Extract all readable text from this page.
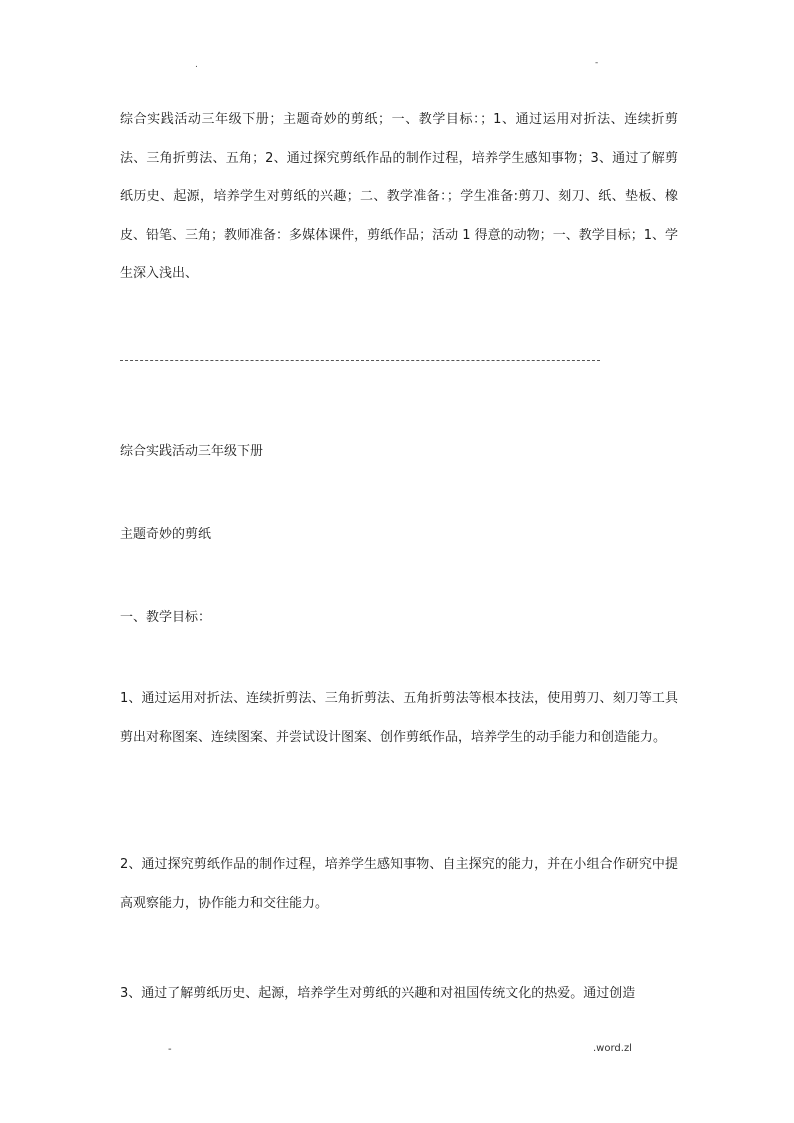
.	-

综合实践活动三年级下册；主题奇妙的剪纸；一、教学目标：；1、通过运用对折法、连续折剪法、三角折剪法、五角；2、通过探究剪纸作品的制作过程，培养学生感知事物；3、通过了解剪纸历史、起源，培养学生对剪纸的兴趣；二、教学准备：；学生准备:剪刀、刻刀、纸、垫板、橡皮、铅笔、三角；教师准备：多媒体课件，剪纸作品；活动 1 得意的动物；一、教学目标；1、学生深入浅出、

综合实践活动三年级下册

主题奇妙的剪纸

一、教学目标：

1、通过运用对折法、连续折剪法、三角折剪法、五角折剪法等根本技法，使用剪刀、刻刀等工具剪出对称图案、连续图案、并尝试设计图案、创作剪纸作品，培养学生的动手能力和创造能力。

2、通过探究剪纸作品的制作过程，培养学生感知事物、自主探究的能力，并在小组合作研究中提高观察能力，协作能力和交往能力。

3、通过了解剪纸历史、起源，培养学生对剪纸的兴趣和对祖国传统文化的热爱。通过创造

-	.word.zl
